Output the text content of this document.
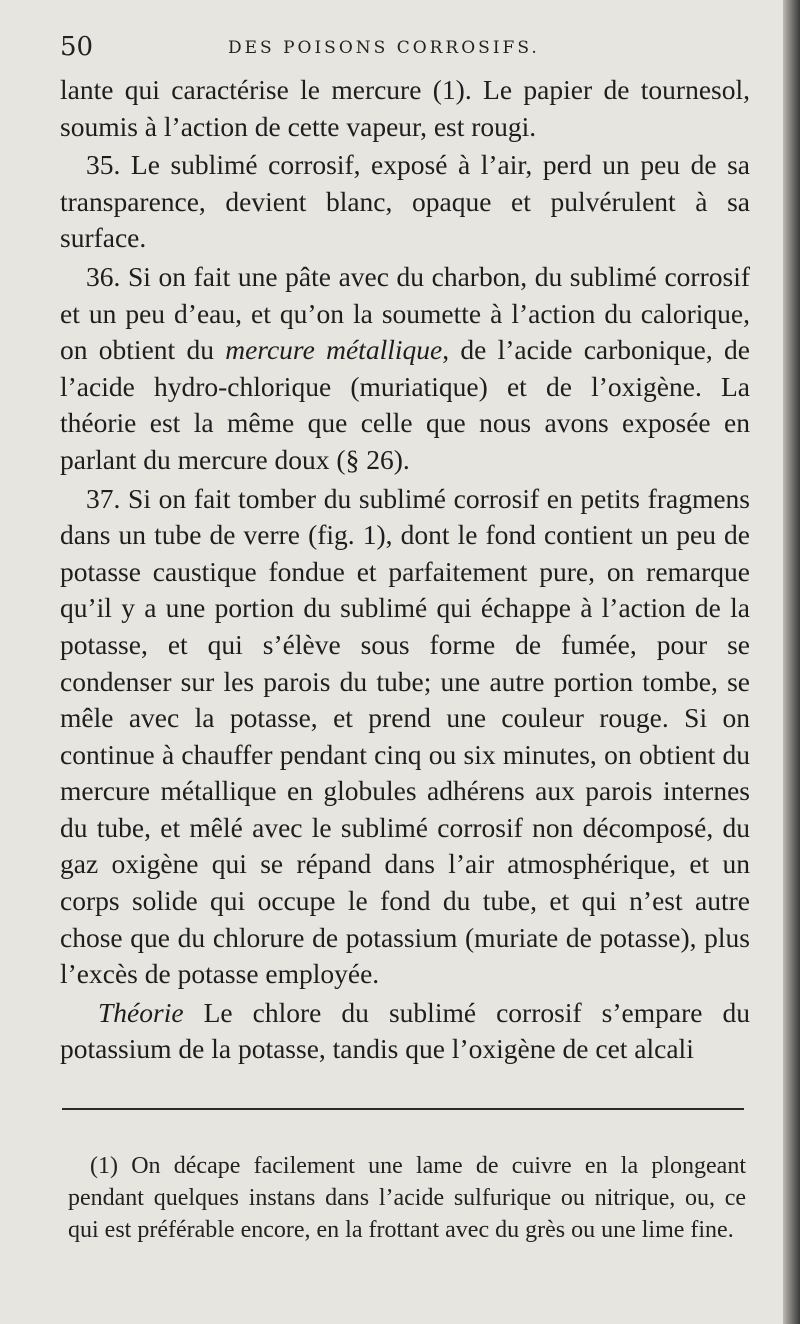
50	DES POISONS CORROSIFS.

lante qui caractérise le mercure (1). Le papier de tournesol, soumis à l’action de cette vapeur, est rougi.

35. Le sublimé corrosif, exposé à l’air, perd un peu de sa transparence, devient blanc, opaque et pulvérulent à sa surface.

36. Si on fait une pâte avec du charbon, du sublimé corrosif et un peu d’eau, et qu’on la soumette à l’action du calorique, on obtient du mercure métallique, de l’acide carbonique, de l’acide hydro-chlorique (muriatique) et de l’oxigène. La théorie est la même que celle que nous avons exposée en parlant du mercure doux (§ 26).

37. Si on fait tomber du sublimé corrosif en petits fragmens dans un tube de verre (fig. 1), dont le fond contient un peu de potasse caustique fondue et parfaitement pure, on remarque qu’il y a une portion du sublimé qui échappe à l’action de la potasse, et qui s’élève sous forme de fumée, pour se condenser sur les parois du tube; une autre portion tombe, se mêle avec la potasse, et prend une couleur rouge. Si on continue à chauffer pendant cinq ou six minutes, on obtient du mercure métallique en globules adhérens aux parois internes du tube, et mêlé avec le sublimé corrosif non décomposé, du gaz oxigène qui se répand dans l’air atmosphérique, et un corps solide qui occupe le fond du tube, et qui n’est autre chose que du chlorure de potassium (muriate de potasse), plus l’excès de potasse employée.

Théorie Le chlore du sublimé corrosif s’empare du potassium de la potasse, tandis que l’oxigène de cet alcali

(1) On décape facilement une lame de cuivre en la plongeant pendant quelques instans dans l’acide sulfurique ou nitrique, ou, ce qui est préférable encore, en la frottant avec du grès ou une lime fine.
